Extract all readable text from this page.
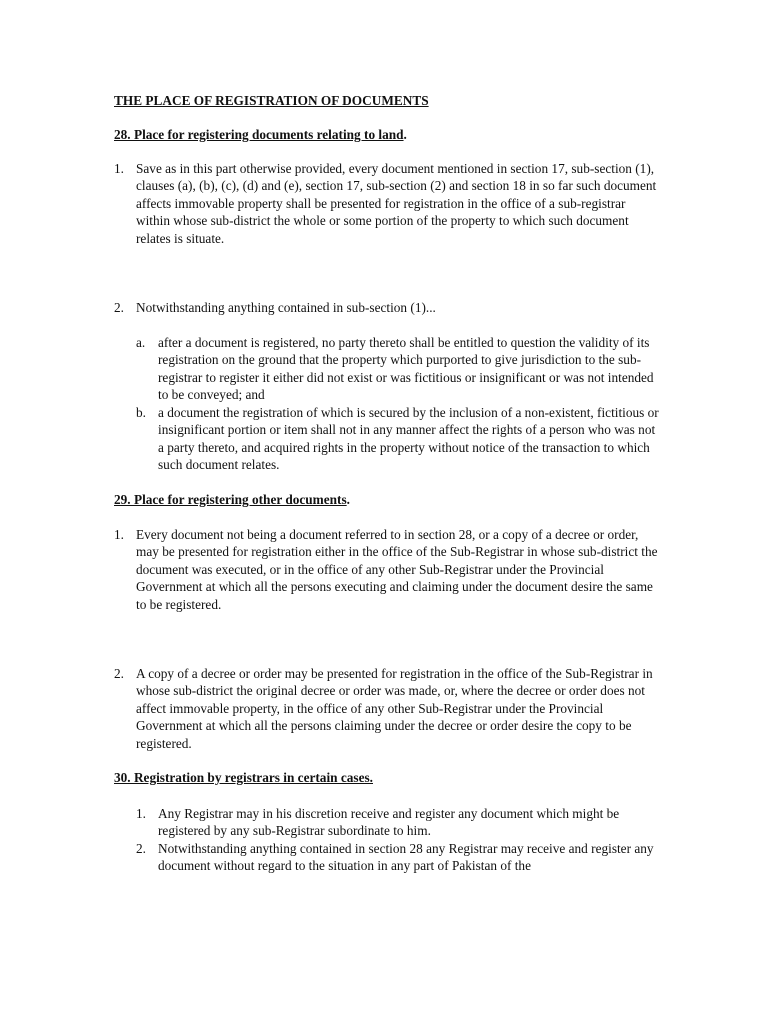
THE PLACE OF REGISTRATION OF DOCUMENTS
28. Place for registering documents relating to land.
1. Save as in this part otherwise provided, every document mentioned in section 17, sub-section (1), clauses (a), (b), (c), (d) and (e), section 17, sub-section (2) and section 18 in so far such document affects immovable property shall be presented for registration in the office of a sub-registrar within whose sub-district the whole or some portion of the property to which such document relates is situate.
2. Notwithstanding anything contained in sub-section (1)...
a. after a document is registered, no party thereto shall be entitled to question the validity of its registration on the ground that the property which purported to give jurisdiction to the sub-registrar to register it either did not exist or was fictitious or insignificant or was not intended to be conveyed; and
b. a document the registration of which is secured by the inclusion of a non-existent, fictitious or insignificant portion or item shall not in any manner affect the rights of a person who was not a party thereto, and acquired rights in the property without notice of the transaction to which such document relates.
29. Place for registering other documents.
1. Every document not being a document referred to in section 28, or a copy of a decree or order, may be presented for registration either in the office of the Sub-Registrar in whose sub-district the document was executed, or in the office of any other Sub-Registrar under the Provincial Government at which all the persons executing and claiming under the document desire the same to be registered.
2. A copy of a decree or order may be presented for registration in the office of the Sub-Registrar in whose sub-district the original decree or order was made, or, where the decree or order does not affect immovable property, in the office of any other Sub-Registrar under the Provincial Government at which all the persons claiming under the decree or order desire the copy to be registered.
30. Registration by registrars in certain cases.
1. Any Registrar may in his discretion receive and register any document which might be registered by any sub-Registrar subordinate to him.
2. Notwithstanding anything contained in section 28 any Registrar may receive and register any document without regard to the situation in any part of Pakistan of the
